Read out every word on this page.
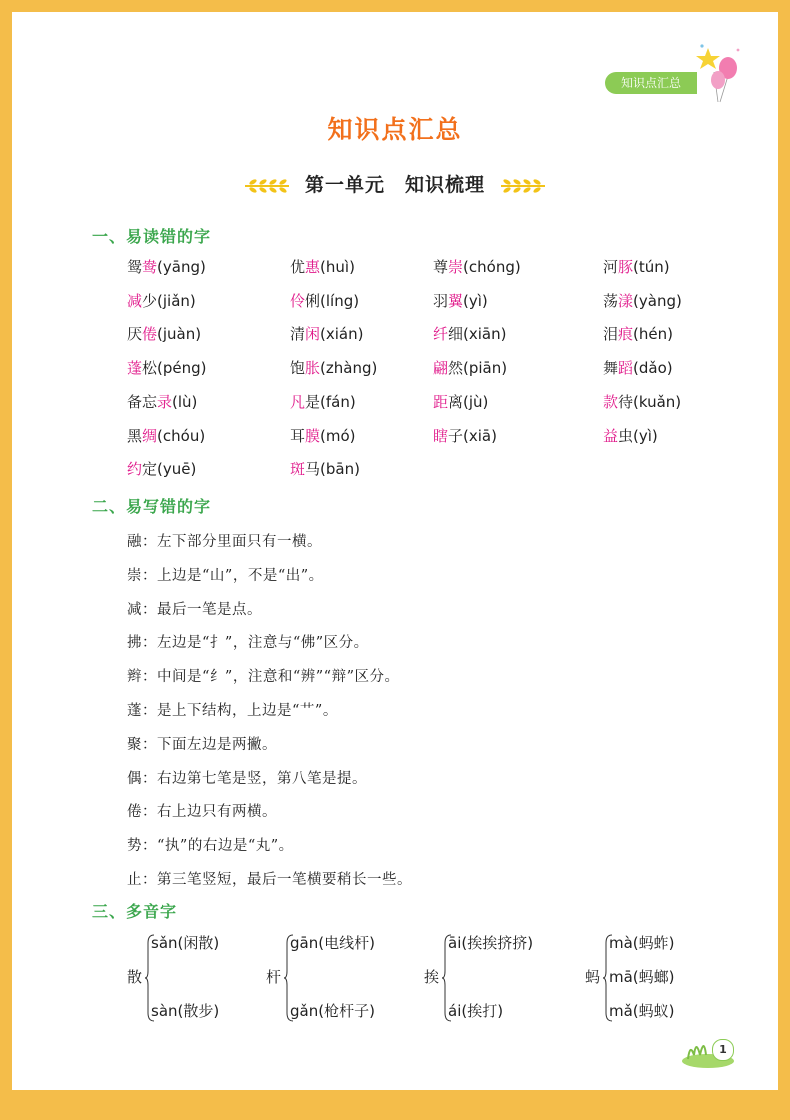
知识点汇总
知识点汇总
第一单元　知识梳理
一、易读错的字
鸳鸯(yāng)	优惠(huì)	尊崇(chóng)	河豚(tún)
减少(jiǎn)	伶俐(líng)	羽翼(yì)	荡漾(yàng)
厌倦(juàn)	清闲(xián)	纤细(xiān)	泪痕(hén)
蓬松(péng)	饱胀(zhàng)	翩然(piān)	舞蹈(dǎo)
备忘录(lù)	凡是(fán)	距离(jù)	款待(kuǎn)
黑绸(chóu)	耳膜(mó)	瞎子(xiā)	益虫(yì)
约定(yuē)	斑马(bān)
二、易写错的字
融：左下部分里面只有一横。
崇：上边是“山”，不是“出”。
减：最后一笔是点。
拂：左边是“扌”，注意与“佛”区分。
辫：中间是“纟”，注意和“辨”“辩”区分。
蓬：是上下结构，上边是“艹”。
聚：下面左边是两撇。
偶：右边第七笔是竖，第八笔是提。
倦：右上边只有两横。
势：“执”的右边是“丸”。
止：第三笔竖短，最后一笔横要稍长一些。
三、多音字
散
sǎn(闲散)
sàn(散步)
杆
gān(电线杆)
gǎn(枪杆子)
挨
āi(挨挨挤挤)
ái(挨打)
蚂
mà(蚂蚱)
mā(蚂螂)
mǎ(蚂蚁)
1
